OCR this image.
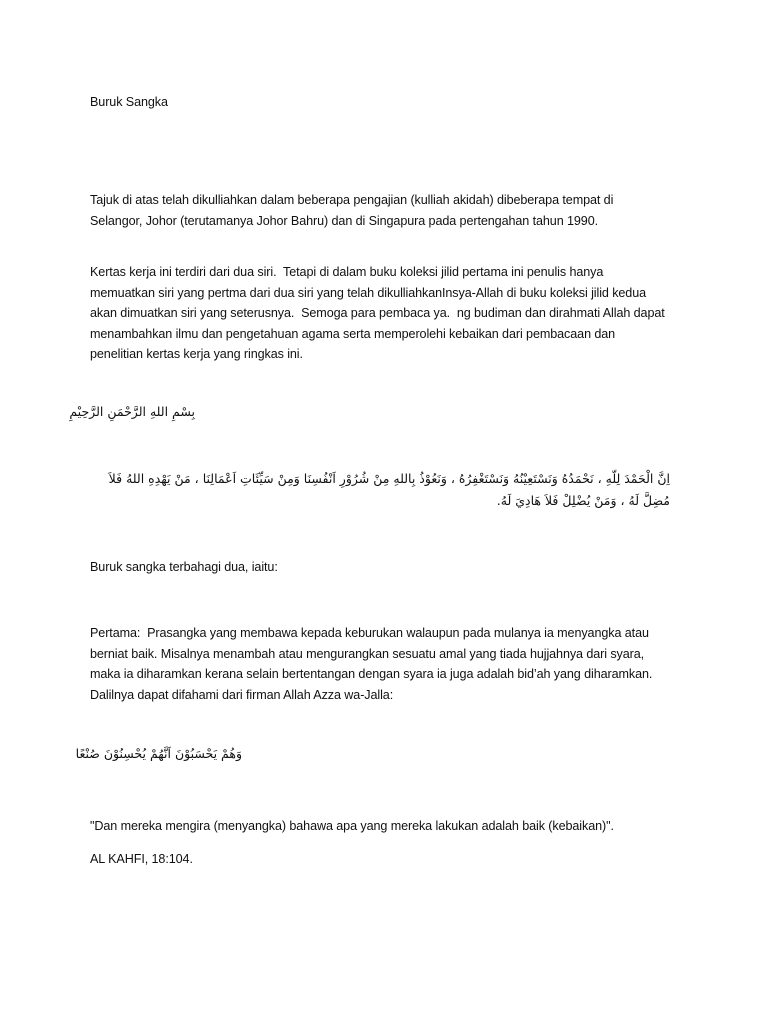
Buruk Sangka

Tajuk di atas telah dikulliahkan dalam beberapa pengajian (kulliah akidah) dibeberapa tempat di
Selangor, Johor (terutamanya Johor Bahru) dan di Singapura pada pertengahan tahun 1990.

Kertas kerja ini terdiri dari dua siri.  Tetapi di dalam buku koleksi jilid pertama ini penulis hanya
memuatkan siri yang pertma dari dua siri yang telah dikulliahkanInsya-Allah di buku koleksi jilid kedua
akan dimuatkan siri yang seterusnya.  Semoga para pembaca ya.  ng budiman dan dirahmati Allah dapat
menambahkan ilmu dan pengetahuan agama serta memperolehi kebaikan dari pembacaan dan
penelitian kertas kerja yang ringkas ini.

بِسْمِ اللهِ الرَّحْمَنِ الرَّحِيْمِ

اِنَّ الْحَمْدَ لِلّهِ ، نَحْمَدُهُ وَنَسْتَعِيْنُهُ وَنَسْتَغْفِرُهُ ، وَنَعُوْذُ بِاللهِ مِنْ شُرُوْرِ اَنْفُسِنَا وَمِنْ سَيِّئَاتِ اَعْمَالِنَا ، مَنْ يَهْدِهِ اللهُ فَلاَ مُضِلَّ لَهُ ، وَمَنْ يُضْلِلْ فَلاَ هَادِيَ لَهُ.

Buruk sangka terbahagi dua, iaitu:

Pertama:  Prasangka yang membawa kepada keburukan walaupun pada mulanya ia menyangka atau
berniat baik. Misalnya menambah atau mengurangkan sesuatu amal yang tiada hujjahnya dari syara,
maka ia diharamkan kerana selain bertentangan dengan syara ia juga adalah bid’ah yang diharamkan.
Dalilnya dapat difahami dari firman Allah Azza wa-Jalla:

وَهُمْ يَحْسَبُوْنَ اَنَّهُمْ يُحْسِنُوْنَ صُنْعًا

"Dan mereka mengira (menyangka) bahawa apa yang mereka lakukan adalah baik (kebaikan)".

AL KAHFI, 18:104.
